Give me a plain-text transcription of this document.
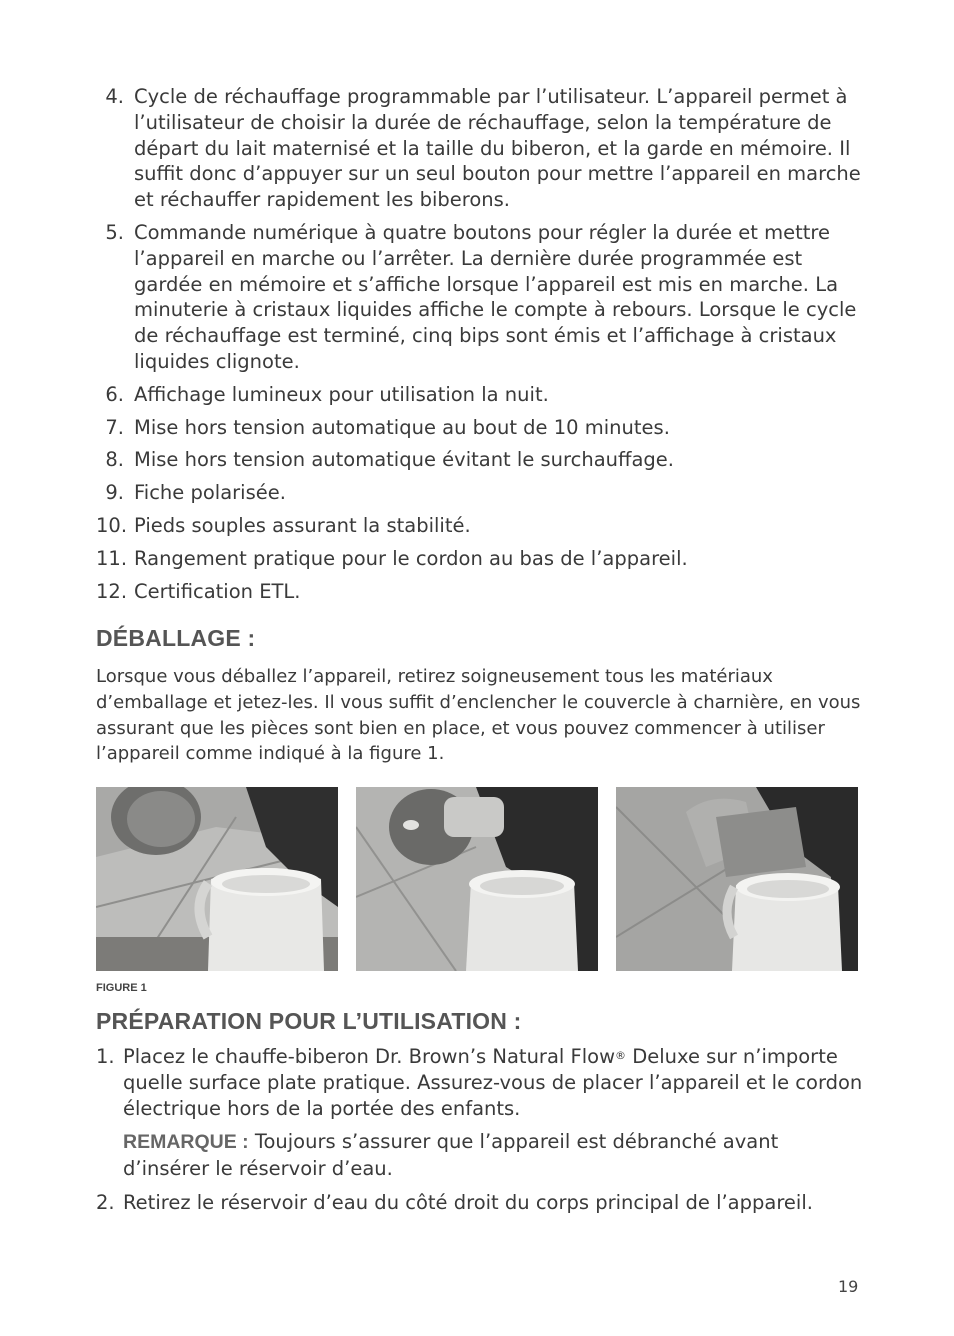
4. Cycle de réchauffage programmable par l’utilisateur. L’appareil permet à l’utilisateur de choisir la durée de réchauffage, selon la température de départ du lait maternisé et la taille du biberon, et la garde en mémoire. Il suffit donc d’appuyer sur un seul bouton pour mettre l’appareil en marche et réchauffer rapidement les biberons.
5. Commande numérique à quatre boutons pour régler la durée et mettre l’appareil en marche ou l’arrêter. La dernière durée programmée est gardée en mémoire et s’affiche lorsque l’appareil est mis en marche. La minuterie à cristaux liquides affiche le compte à rebours. Lorsque le cycle de réchauffage est terminé, cinq bips sont émis et l’affichage à cristaux liquides clignote.
6. Affichage lumineux pour utilisation la nuit.
7. Mise hors tension automatique au bout de 10 minutes.
8. Mise hors tension automatique évitant le surchauffage.
9. Fiche polarisée.
10. Pieds souples assurant la stabilité.
11. Rangement pratique pour le cordon au bas de l’appareil.
12. Certification ETL.
DÉBALLAGE :

Lorsque vous déballez l’appareil, retirez soigneusement tous les matériaux d’emballage et jetez-les. Il vous suffit d’enclencher le couvercle à charnière, en vous assurant que les pièces sont bien en place, et vous pouvez commencer à utiliser l’appareil comme indiqué à la figure 1.

FIGURE 1

PRÉPARATION POUR L’UTILISATION :
1. Placez le chauffe-biberon Dr. Brown’s Natural Flow® Deluxe sur n’importe quelle surface plate pratique. Assurez-vous de placer l’appareil et le cordon électrique hors de la portée des enfants.
REMARQUE : Toujours s’assurer que l’appareil est débranché avant d’insérer le réservoir d’eau.
2. Retirez le réservoir d’eau du côté droit du corps principal de l’appareil.
19
